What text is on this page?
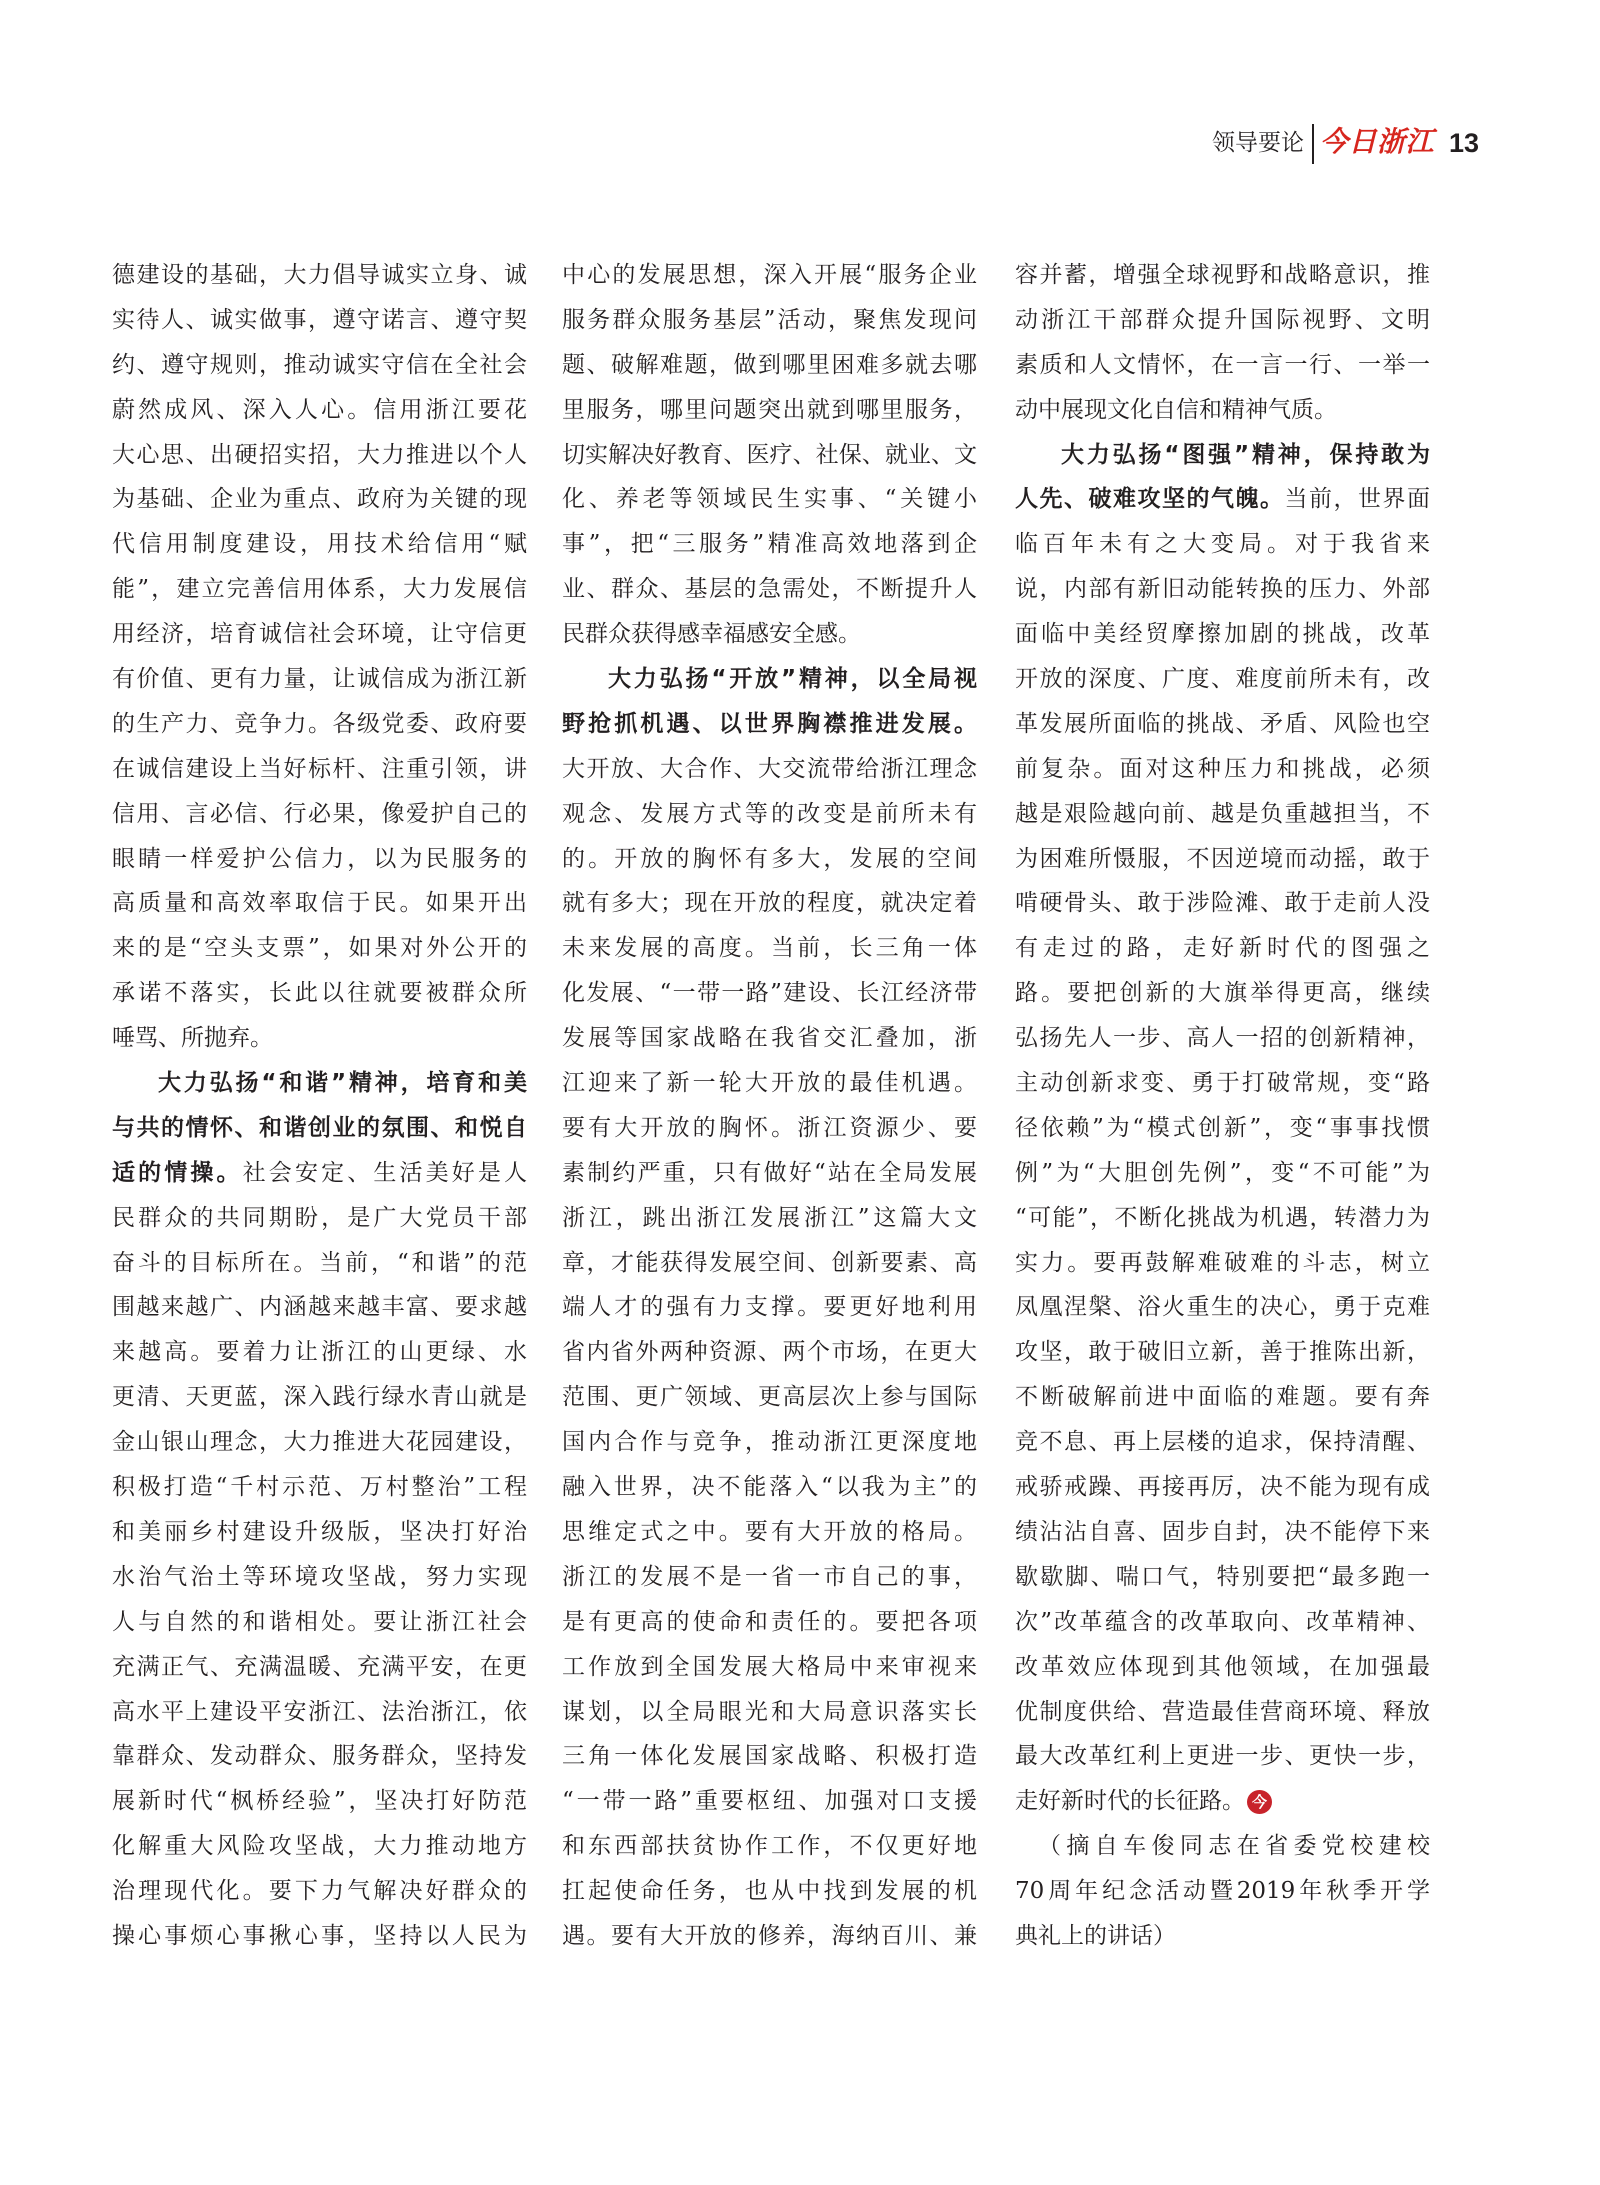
领导要论 今日浙江 13
德建设的基础，大力倡导诚实立身、诚
实待人、诚实做事，遵守诺言、遵守契
约、遵守规则，推动诚实守信在全社会
蔚然成风、深入人心。信用浙江要花
大心思、出硬招实招，大力推进以个人
为基础、企业为重点、政府为关键的现
代信用制度建设，用技术给信用“赋
能”，建立完善信用体系，大力发展信
用经济，培育诚信社会环境，让守信更
有价值、更有力量，让诚信成为浙江新
的生产力、竞争力。各级党委、政府要
在诚信建设上当好标杆、注重引领，讲
信用、言必信、行必果，像爱护自己的
眼睛一样爱护公信力，以为民服务的
高质量和高效率取信于民。如果开出
来的是“空头支票”，如果对外公开的
承诺不落实，长此以往就要被群众所
唾骂、所抛弃。
大力弘扬“和谐”精神，培育和美
与共的情怀、和谐创业的氛围、和悦自
适的情操。社会安定、生活美好是人
民群众的共同期盼，是广大党员干部
奋斗的目标所在。当前，“和谐”的范
围越来越广、内涵越来越丰富、要求越
来越高。要着力让浙江的山更绿、水
更清、天更蓝，深入践行绿水青山就是
金山银山理念，大力推进大花园建设，
积极打造“千村示范、万村整治”工程
和美丽乡村建设升级版，坚决打好治
水治气治土等环境攻坚战，努力实现
人与自然的和谐相处。要让浙江社会
充满正气、充满温暖、充满平安，在更
高水平上建设平安浙江、法治浙江，依
靠群众、发动群众、服务群众，坚持发
展新时代“枫桥经验”，坚决打好防范
化解重大风险攻坚战，大力推动地方
治理现代化。要下力气解决好群众的
操心事烦心事揪心事，坚持以人民为
中心的发展思想，深入开展“服务企业
服务群众服务基层”活动，聚焦发现问
题、破解难题，做到哪里困难多就去哪
里服务，哪里问题突出就到哪里服务，
切实解决好教育、医疗、社保、就业、文
化、养老等领域民生实事、“关键小
事”，把“三服务”精准高效地落到企
业、群众、基层的急需处，不断提升人
民群众获得感幸福感安全感。
大力弘扬“开放”精神，以全局视
野抢抓机遇、以世界胸襟推进发展。
大开放、大合作、大交流带给浙江理念
观念、发展方式等的改变是前所未有
的。开放的胸怀有多大，发展的空间
就有多大；现在开放的程度，就决定着
未来发展的高度。当前，长三角一体
化发展、“一带一路”建设、长江经济带
发展等国家战略在我省交汇叠加，浙
江迎来了新一轮大开放的最佳机遇。
要有大开放的胸怀。浙江资源少、要
素制约严重，只有做好“站在全局发展
浙江，跳出浙江发展浙江”这篇大文
章，才能获得发展空间、创新要素、高
端人才的强有力支撑。要更好地利用
省内省外两种资源、两个市场，在更大
范围、更广领域、更高层次上参与国际
国内合作与竞争，推动浙江更深度地
融入世界，决不能落入“以我为主”的
思维定式之中。要有大开放的格局。
浙江的发展不是一省一市自己的事，
是有更高的使命和责任的。要把各项
工作放到全国发展大格局中来审视来
谋划，以全局眼光和大局意识落实长
三角一体化发展国家战略、积极打造
“一带一路”重要枢纽、加强对口支援
和东西部扶贫协作工作，不仅更好地
扛起使命任务，也从中找到发展的机
遇。要有大开放的修养，海纳百川、兼
容并蓄，增强全球视野和战略意识，推
动浙江干部群众提升国际视野、文明
素质和人文情怀，在一言一行、一举一
动中展现文化自信和精神气质。
大力弘扬“图强”精神，保持敢为
人先、破难攻坚的气魄。当前，世界面
临百年未有之大变局。对于我省来
说，内部有新旧动能转换的压力、外部
面临中美经贸摩擦加剧的挑战，改革
开放的深度、广度、难度前所未有，改
革发展所面临的挑战、矛盾、风险也空
前复杂。面对这种压力和挑战，必须
越是艰险越向前、越是负重越担当，不
为困难所慑服，不因逆境而动摇，敢于
啃硬骨头、敢于涉险滩、敢于走前人没
有走过的路，走好新时代的图强之
路。要把创新的大旗举得更高，继续
弘扬先人一步、高人一招的创新精神，
主动创新求变、勇于打破常规，变“路
径依赖”为“模式创新”，变“事事找惯
例”为“大胆创先例”，变“不可能”为
“可能”，不断化挑战为机遇，转潜力为
实力。要再鼓解难破难的斗志，树立
凤凰涅槃、浴火重生的决心，勇于克难
攻坚，敢于破旧立新，善于推陈出新，
不断破解前进中面临的难题。要有奔
竞不息、再上层楼的追求，保持清醒、
戒骄戒躁、再接再厉，决不能为现有成
绩沾沾自喜、固步自封，决不能停下来
歇歇脚、喘口气，特别要把“最多跑一
次”改革蕴含的改革取向、改革精神、
改革效应体现到其他领域，在加强最
优制度供给、营造最佳营商环境、释放
最大改革红利上更进一步、更快一步，
走好新时代的长征路。 今
（摘自车俊同志在省委党校建校
70周年纪念活动暨2019年秋季开学
典礼上的讲话）
